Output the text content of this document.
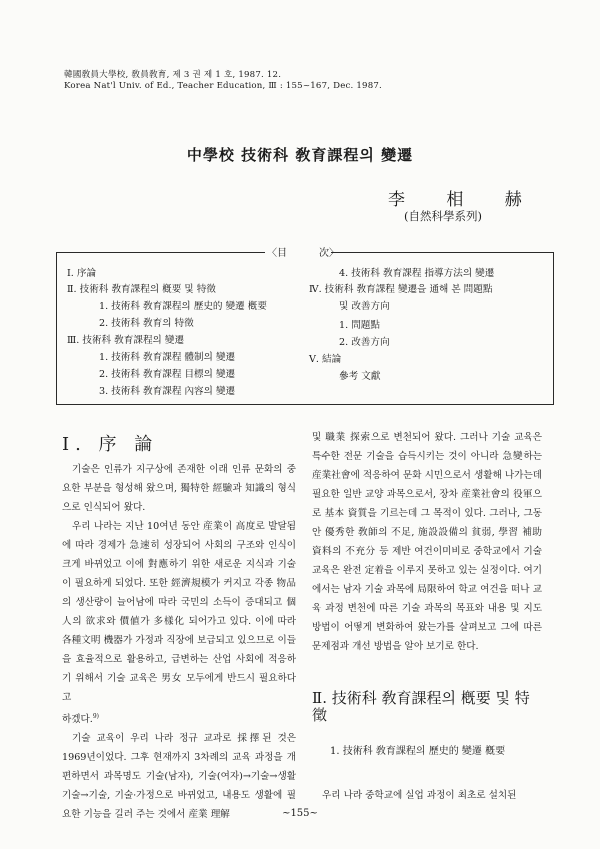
韓國敎員大學校, 敎員敎育, 제 3 권 제 1 호, 1987. 12.
Korea Nat'l Univ. of Ed., Teacher Education, Ⅲ : 155~167, Dec. 1987.
中學校 技術科 敎育課程의 變遷
李 相 赫
(自然科學系列)
〈目	次〉
Ⅰ. 序論
Ⅱ. 技術科 敎育課程의 槪要 및 特徵
1. 技術科 敎育課程의 歷史的 變遷 槪要
2. 技術科 敎育의 特徵
Ⅲ. 技術科 敎育課程의 變遷
1. 技術科 敎育課程 體制의 變遷
2. 技術科 敎育課程 目標의 變遷
3. 技術科 敎育課程 內容의 變遷
4. 技術科 敎育課程 指導方法의 變遷
Ⅳ. 技術科 敎育課程 變遷을 通해 본 問題點
및 改善方向
1. 問題點
2. 改善方向
Ⅴ. 結論
參考 文獻
Ⅰ. 序 論

기술은 인류가 지구상에 존재한 이래 인류 문화의 중요한 부분을 형성해 왔으며, 獨特한 經驗과 知識의 형식으로 인식되어 왔다.

우리 나라는 지난 10여년 동안 産業이 高度로 발달됨에 따라 경제가 急速히 성장되어 사회의 구조와 인식이 크게 바뀌었고 이에 對應하기 위한 새로운 지식과 기술이 필요하게 되었다. 또한 經濟規模가 커지고 각종 物品의 생산량이 늘어남에 따라 국민의 소득이 증대되고 個人의 欲求와 價値가 多樣化 되어가고 있다. 이에 따라 各種文明 機器가 가정과 직장에 보급되고 있으므로 이들을 효율적으로 활용하고, 급변하는 산업 사회에 적응하기 위해서 기술 교육은 男女 모두에게 반드시 필요하다고

하겠다.$^{9)}$

기술 교육이 우리 나라 정규 교과로 採擇된 것은 1969년이었다. 그후 현재까지 3차례의 교육 과정을 개편하면서 과목명도 기술(남자), 기술(여자)→기술→생활기술→기술, 기술·가정으로 바뀌었고, 내용도 생활에 필요한 기능을 길러 주는 것에서 産業 理解

및 職業 探索으로 변천되어 왔다. 그러나 기술 교육은 특수한 전문 기술을 습득시키는 것이 아니라 急變하는 産業社會에 적응하여 문화 시민으로서 생활해 나가는데 필요한 일반 교양 과목으로서, 장차 産業社會의 役軍으로 基本 資質을 기르는데 그 목적이 있다. 그러나, 그동안 優秀한 敎師의 不足, 施設設備의 貧弱, 學習 補助 資料의 不充分 등 제반 여건이미비로 중학교에서 기술 교육은 완전 定着을 이루지 못하고 있는 실정이다. 여기에서는 남자 기술 과목에 局限하여 학교 여건을 떠나 교육 과정 변천에 따른 기술 과목의 목표와 내용 및 지도 방법이 어떻게 변화하여 왔는가를 살펴보고 그에 따른 문제점과 개선 방법을 알아 보기로 한다.

Ⅱ. 技術科 敎育課程의 槪要 및 特徵
1. 技術科 敎育課程의 歷史的 變遷 槪要

우리 나라 중학교에 실업 과정이 최초로 설치된

~155~
